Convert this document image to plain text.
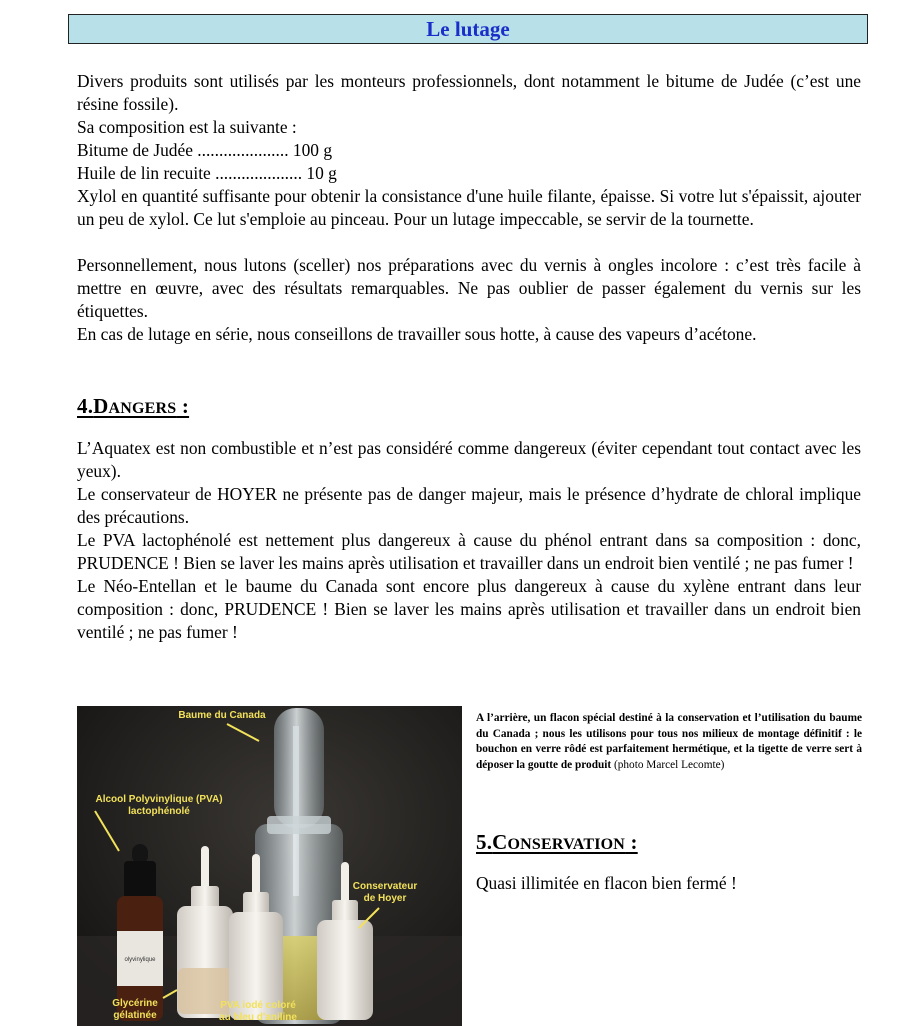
Le lutage

Divers produits sont utilisés par les monteurs professionnels, dont notamment le bitume de Judée (c’est une résine fossile).

Sa composition est la suivante :

Bitume de Judée ..................... 100 g

Huile de lin recuite .................... 10 g

Xylol en quantité suffisante pour obtenir la consistance d'une huile filante, épaisse. Si votre lut s'épaissit, ajouter un peu de xylol. Ce lut s'emploie au pinceau. Pour un lutage impeccable, se servir de la tournette.

Personnellement, nous lutons (sceller) nos préparations avec du vernis à ongles incolore : c’est très facile à mettre en œuvre, avec des résultats remarquables. Ne pas oublier de passer également du vernis sur les étiquettes.

En cas de lutage en série, nous conseillons de travailler sous hotte, à cause des vapeurs d’acétone.

4.DANGERS :

L’Aquatex est non combustible et n’est pas considéré comme dangereux (éviter cependant tout contact avec les yeux).

Le conservateur de HOYER ne présente pas de danger majeur, mais le présence d’hydrate de chloral implique des précautions.

Le PVA lactophénolé est nettement plus dangereux à cause du phénol entrant dans sa composition : donc, PRUDENCE ! Bien se laver les mains après utilisation et travailler dans un endroit bien ventilé ; ne pas fumer !

Le Néo-Entellan et le baume du Canada sont encore plus dangereux à cause du xylène entrant dans leur composition : donc, PRUDENCE ! Bien se laver les mains après utilisation et travailler dans un endroit bien ventilé ; ne pas fumer !

olyvinylique
Baume du Canada
Alcool Polyvinylique (PVA)
lactophénolé
Conservateur
de Hoyer
Glycérine
gélatinée
PVA iodé coloré
au bleu d'aniline
A l’arrière, un flacon spécial destiné à la conservation et l’utilisation du baume du Canada ; nous les utilisons pour tous nos milieux de montage définitif : le bouchon en verre rôdé est parfaitement hermétique, et la tigette de verre sert à déposer la goutte de produit (photo Marcel Lecomte)
5.CONSERVATION :
Quasi illimitée en flacon bien fermé !
